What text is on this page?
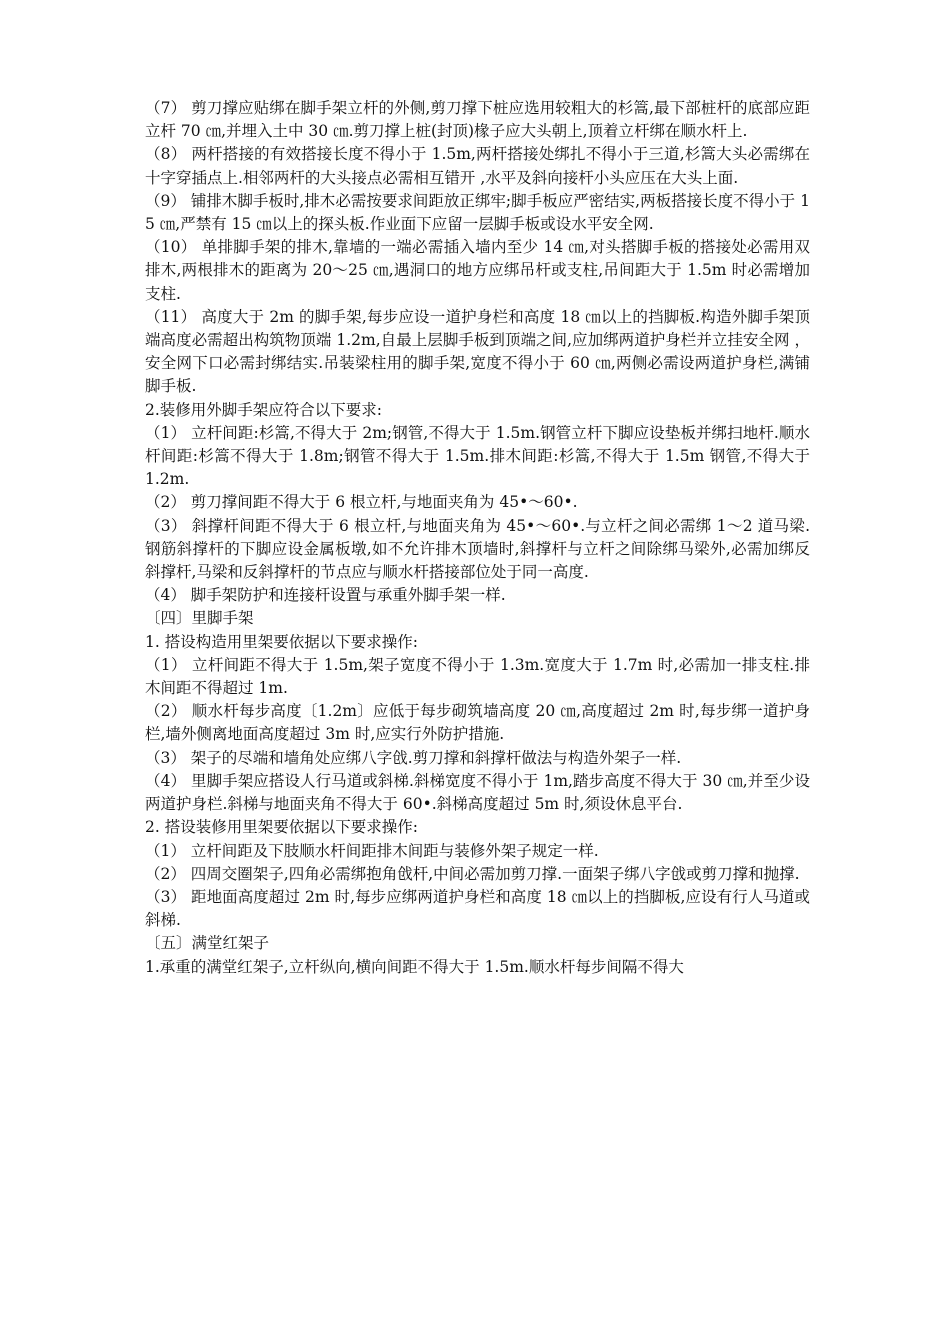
（7） 剪刀撑应贴绑在脚手架立杆的外侧,剪刀撑下桩应选用较粗大的杉篙,最下部桩杆的底部应距立杆 70 ㎝,并埋入土中 30 ㎝.剪刀撑上桩(封顶)椽子应大头朝上,顶着立杆绑在顺水杆上.

（8） 两杆搭接的有效搭接长度不得小于 1.5m,两杆搭接处绑扎不得小于三道,杉篙大头必需绑在十字穿插点上.相邻两杆的大头接点必需相互错开 ,水平及斜向接杆小头应压在大头上面.

（9） 铺排木脚手板时,排木必需按要求间距放正绑牢;脚手板应严密结实,两板搭接长度不得小于 15 ㎝,严禁有 15 ㎝以上的探头板.作业面下应留一层脚手板或设水平安全网.

（10） 单排脚手架的排木,靠墙的一端必需插入墙内至少 14 ㎝,对头搭脚手板的搭接处必需用双排木,两根排木的距离为 20～25 ㎝,遇洞口的地方应绑吊杆或支柱,吊间距大于 1.5m 时必需增加支柱.

（11） 高度大于 2m 的脚手架,每步应设一道护身栏和高度 18 ㎝以上的挡脚板.构造外脚手架顶端高度必需超出构筑物顶端 1.2m,自最上层脚手板到顶端之间,应加绑两道护身栏并立挂安全网 ，安全网下口必需封绑结实.吊装梁柱用的脚手架,宽度不得小于 60 ㎝,两侧必需设两道护身栏,满铺脚手板.

2.装修用外脚手架应符合以下要求:

（1） 立杆间距:杉篙,不得大于 2m;钢管,不得大于 1.5m.钢管立杆下脚应设垫板并绑扫地杆.顺水杆间距:杉篙不得大于 1.8m;钢管不得大于 1.5m.排木间距:杉篙,不得大于 1.5m 钢管,不得大于 1.2m.

（2） 剪刀撑间距不得大于 6 根立杆,与地面夹角为 45•～60•.

（3） 斜撑杆间距不得大于 6 根立杆,与地面夹角为 45•～60•.与立杆之间必需绑 1～2 道马梁.钢筋斜撑杆的下脚应设金属板墩,如不允许排木顶墙时,斜撑杆与立杆之间除绑马梁外,必需加绑反斜撑杆,马梁和反斜撑杆的节点应与顺水杆搭接部位处于同一高度.

（4） 脚手架防护和连接杆设置与承重外脚手架一样.

〔四〕里脚手架

1. 搭设构造用里架要依据以下要求操作:

（1） 立杆间距不得大于 1.5m,架子宽度不得小于 1.3m.宽度大于 1.7m 时,必需加一排支柱.排木间距不得超过 1m.

（2） 顺水杆每步高度〔1.2m〕应低于每步砌筑墙高度 20 ㎝,高度超过 2m 时,每步绑一道护身栏,墙外侧离地面高度超过 3m 时,应实行外防护措施.

（3） 架子的尽端和墙角处应绑八字戗.剪刀撑和斜撑杆做法与构造外架子一样.

（4） 里脚手架应搭设人行马道或斜梯.斜梯宽度不得小于 1m,踏步高度不得大于 30 ㎝,并至少设两道护身栏.斜梯与地面夹角不得大于 60•.斜梯高度超过 5m 时,须设休息平台.

2. 搭设装修用里架要依据以下要求操作:

（1） 立杆间距及下肢顺水杆间距排木间距与装修外架子规定一样.

（2） 四周交圈架子,四角必需绑抱角戗杆,中间必需加剪刀撑.一面架子绑八字戗或剪刀撑和抛撑.

（3） 距地面高度超过 2m 时,每步应绑两道护身栏和高度 18 ㎝以上的挡脚板,应设有行人马道或斜梯.

〔五〕满堂红架子

1.承重的满堂红架子,立杆纵向,横向间距不得大于 1.5m.顺水杆每步间隔不得大
